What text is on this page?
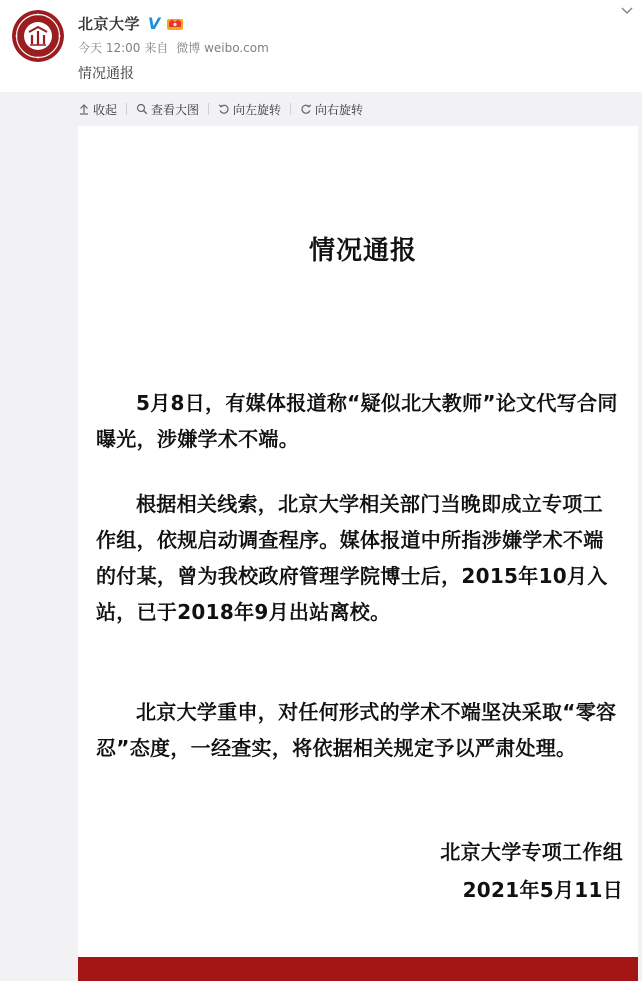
北京大学 V
今天 12:00 来自 微博 weibo.com
情况通报
收起	查看大图	向左旋转	向右旋转
情况通报

5月8日，有媒体报道称“疑似北大教师”论文代写合同曝光，涉嫌学术不端。

根据相关线索，北京大学相关部门当晚即成立专项工作组，依规启动调查程序。媒体报道中所指涉嫌学术不端的付某，曾为我校政府管理学院博士后，2015年10月入站，已于2018年9月出站离校。

北京大学重申，对任何形式的学术不端坚决采取“零容忍”态度，一经查实，将依据相关规定予以严肃处理。

北京大学专项工作组
2021年5月11日
